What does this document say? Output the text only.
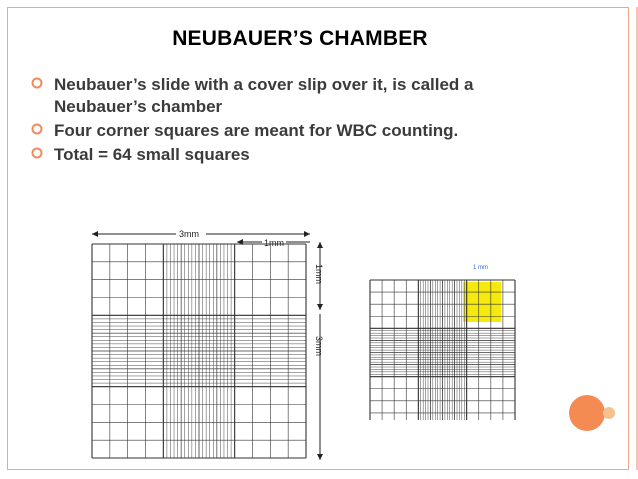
NEUBAUER’S CHAMBER
Neubauer’s slide with a cover slip over it, is called a Neubauer’s chamber
Four corner squares are meant for WBC counting.
Total = 64 small squares
3mm
1mm
1mm
3mm
1 mm
